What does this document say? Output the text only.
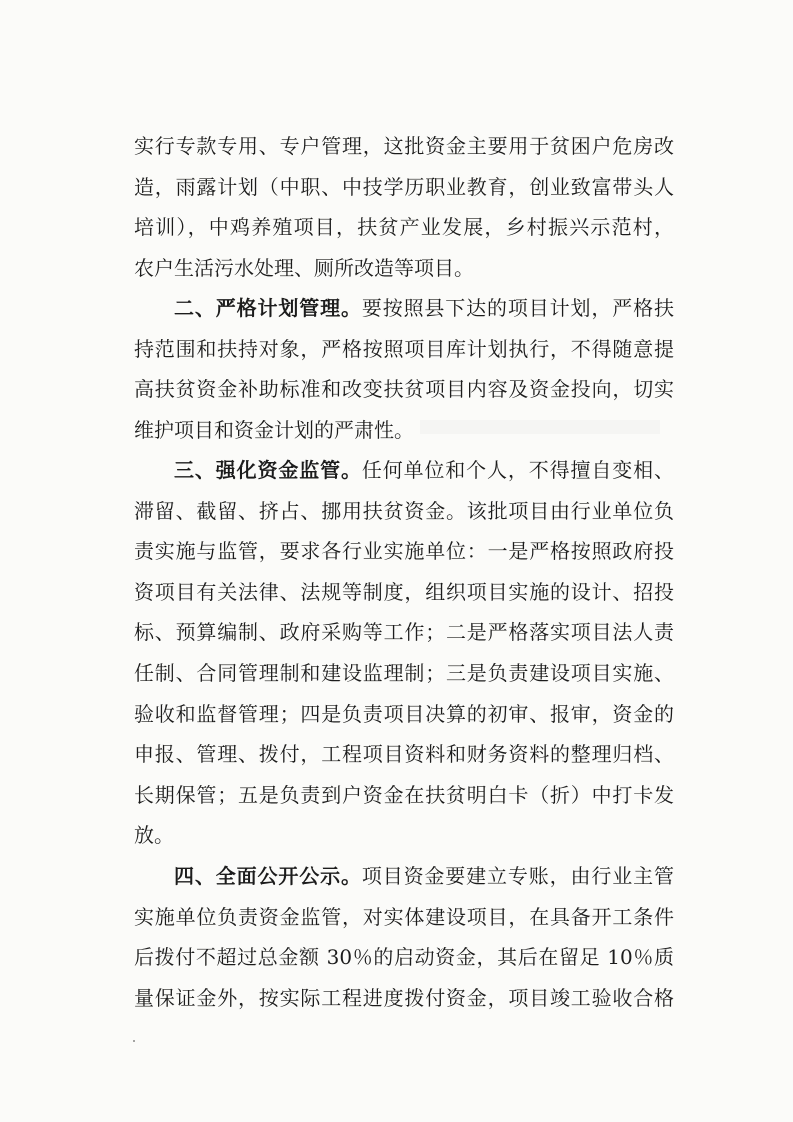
实行专款专用、专户管理，这批资金主要用于贫困户危房改
造，雨露计划（中职、中技学历职业教育，创业致富带头人
培训），中鸡养殖项目，扶贫产业发展，乡村振兴示范村，
农户生活污水处理、厕所改造等项目。
二、严格计划管理。要按照县下达的项目计划，严格扶
持范围和扶持对象，严格按照项目库计划执行，不得随意提
高扶贫资金补助标准和改变扶贫项目内容及资金投向，切实
维护项目和资金计划的严肃性。
三、强化资金监管。任何单位和个人，不得擅自变相、
滞留、截留、挤占、挪用扶贫资金。该批项目由行业单位负
责实施与监管，要求各行业实施单位：一是严格按照政府投
资项目有关法律、法规等制度，组织项目实施的设计、招投
标、预算编制、政府采购等工作；二是严格落实项目法人责
任制、合同管理制和建设监理制；三是负责建设项目实施、
验收和监督管理；四是负责项目决算的初审、报审，资金的
申报、管理、拨付，工程项目资料和财务资料的整理归档、
长期保管；五是负责到户资金在扶贫明白卡（折）中打卡发
放。
四、全面公开公示。项目资金要建立专账，由行业主管
实施单位负责资金监管，对实体建设项目，在具备开工条件
后拨付不超过总金额 30％的启动资金，其后在留足 10％质
量保证金外，按实际工程进度拨付资金，项目竣工验收合格
